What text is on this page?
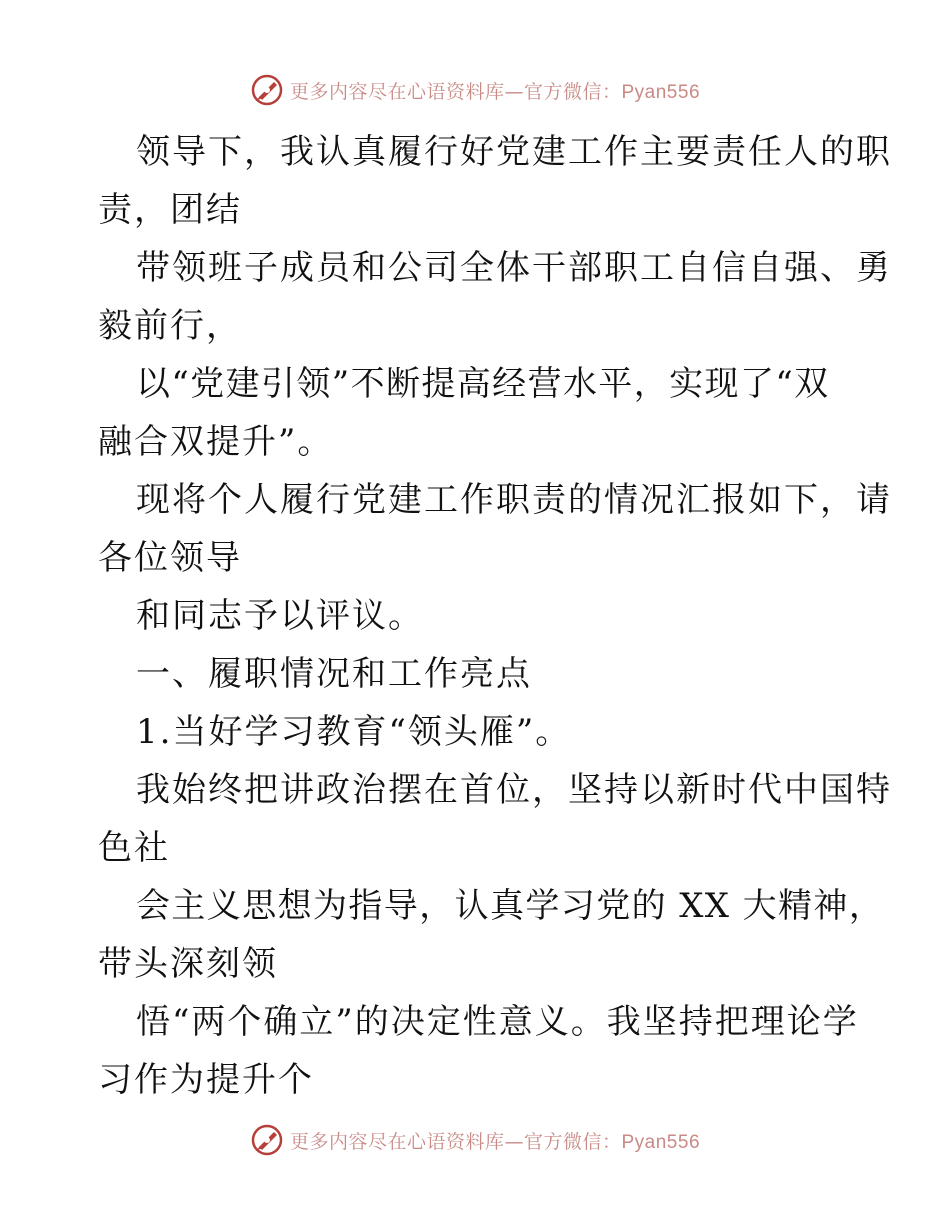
更多内容尽在心语资料库—官方微信：Pyan556
领导下，我认真履行好党建工作主要责任人的职
责，团结
带领班子成员和公司全体干部职工自信自强、勇
毅前行，
以“党建引领”不断提高经营水平，实现了“双
融合双提升”。
现将个人履行党建工作职责的情况汇报如下，请
各位领导
和同志予以评议。
一、履职情况和工作亮点
1.当好学习教育“领头雁”。
我始终把讲政治摆在首位，坚持以新时代中国特
色社
会主义思想为指导，认真学习党的 XX 大精神，
带头深刻领
悟“两个确立”的决定性意义。我坚持把理论学
习作为提升个
更多内容尽在心语资料库—官方微信：Pyan556
